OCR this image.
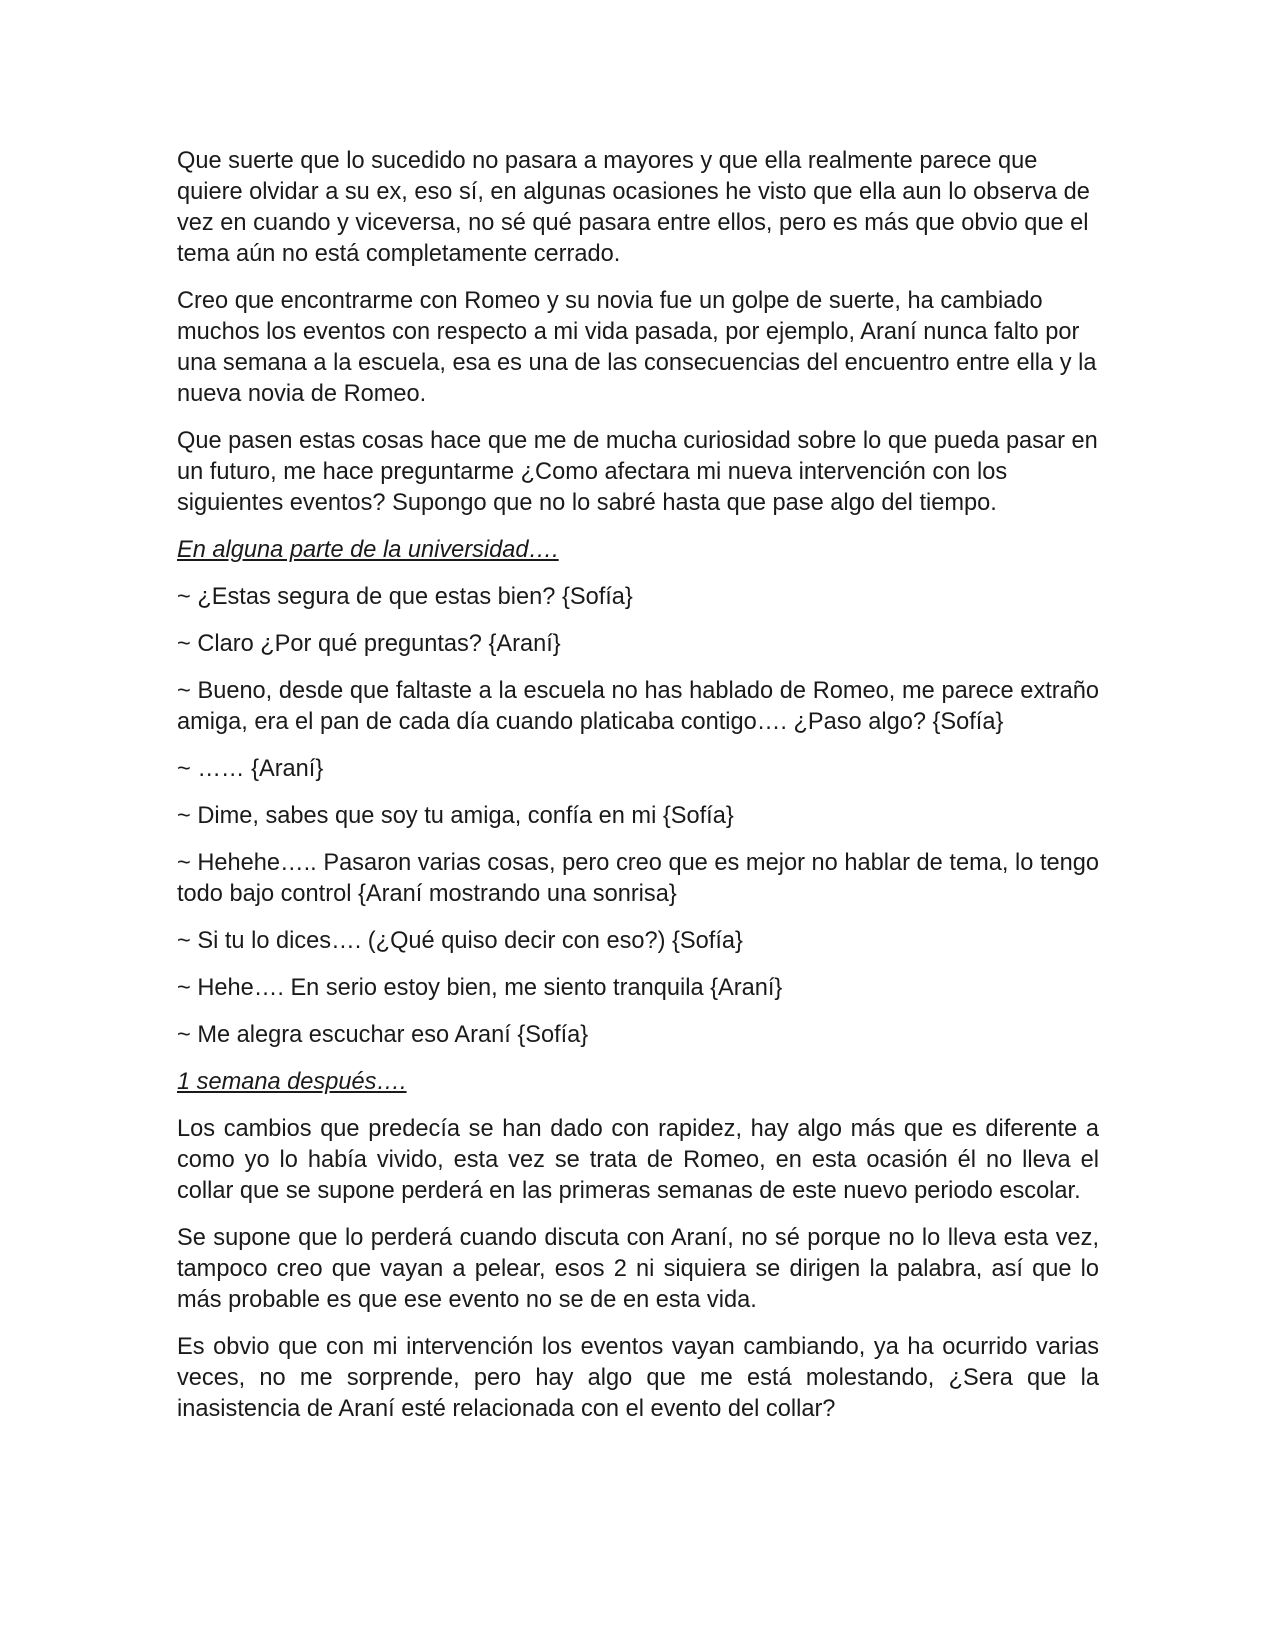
Que suerte que lo sucedido no pasara a mayores y que ella realmente parece que quiere olvidar a su ex, eso sí, en algunas ocasiones he visto que ella aun lo observa de vez en cuando y viceversa, no sé qué pasara entre ellos, pero es más que obvio que el tema aún no está completamente cerrado.

Creo que encontrarme con Romeo y su novia fue un golpe de suerte, ha cambiado muchos los eventos con respecto a mi vida pasada, por ejemplo, Araní nunca falto por una semana a la escuela, esa es una de las consecuencias del encuentro entre ella y la nueva novia de Romeo.

Que pasen estas cosas hace que me de mucha curiosidad sobre lo que pueda pasar en un futuro, me hace preguntarme ¿Como afectara mi nueva intervención con los siguientes eventos? Supongo que no lo sabré hasta que pase algo del tiempo.

En alguna parte de la universidad….

~ ¿Estas segura de que estas bien? {Sofía}

~ Claro ¿Por qué preguntas? {Araní}

~ Bueno, desde que faltaste a la escuela no has hablado de Romeo, me parece extraño amiga, era el pan de cada día cuando platicaba contigo…. ¿Paso algo? {Sofía}

~ …… {Araní}

~ Dime, sabes que soy tu amiga, confía en mi {Sofía}

~ Hehehe….. Pasaron varias cosas, pero creo que es mejor no hablar de tema, lo tengo todo bajo control {Araní mostrando una sonrisa}

~ Si tu lo dices…. (¿Qué quiso decir con eso?) {Sofía}

~ Hehe…. En serio estoy bien, me siento tranquila {Araní}

~ Me alegra escuchar eso Araní {Sofía}

1 semana después….

Los cambios que predecía se han dado con rapidez, hay algo más que es diferente a como yo lo había vivido, esta vez se trata de Romeo, en esta ocasión él no lleva el collar que se supone perderá en las primeras semanas de este nuevo periodo escolar.

Se supone que lo perderá cuando discuta con Araní, no sé porque no lo lleva esta vez, tampoco creo que vayan a pelear, esos 2 ni siquiera se dirigen la palabra, así que lo más probable es que ese evento no se de en esta vida.

Es obvio que con mi intervención los eventos vayan cambiando, ya ha ocurrido varias veces, no me sorprende, pero hay algo que me está molestando, ¿Sera que la inasistencia de Araní esté relacionada con el evento del collar?
